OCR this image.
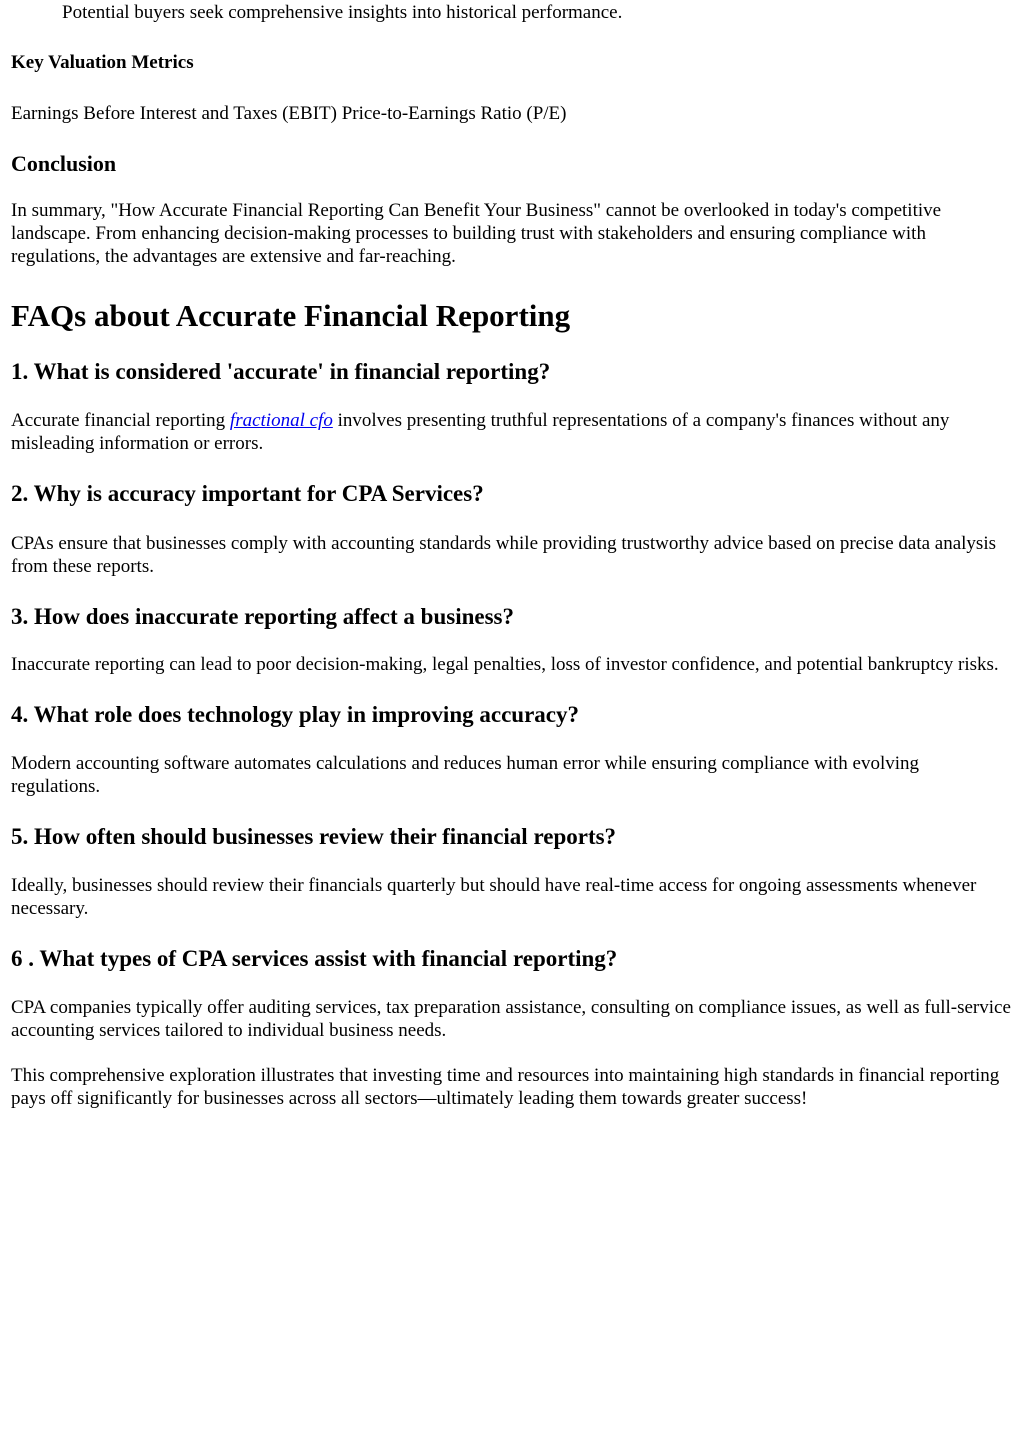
Potential buyers seek comprehensive insights into historical performance.

Key Valuation Metrics

Earnings Before Interest and Taxes (EBIT) Price-to-Earnings Ratio (P/E)

Conclusion

In summary, "How Accurate Financial Reporting Can Benefit Your Business" cannot be overlooked in today's competitive landscape. From enhancing decision-making processes to building trust with stakeholders and ensuring compliance with regulations, the advantages are extensive and far-reaching.

FAQs about Accurate Financial Reporting
1. What is considered 'accurate' in financial reporting?

Accurate financial reporting fractional cfo involves presenting truthful representations of a company's finances without any misleading information or errors.

2. Why is accuracy important for CPA Services?

CPAs ensure that businesses comply with accounting standards while providing trustworthy advice based on precise data analysis from these reports.

3. How does inaccurate reporting affect a business?

Inaccurate reporting can lead to poor decision-making, legal penalties, loss of investor confidence, and potential bankruptcy risks.

4. What role does technology play in improving accuracy?

Modern accounting software automates calculations and reduces human error while ensuring compliance with evolving regulations.

5. How often should businesses review their financial reports?

Ideally, businesses should review their financials quarterly but should have real-time access for ongoing assessments whenever necessary.

6 . What types of CPA services assist with financial reporting?

CPA companies typically offer auditing services, tax preparation assistance, consulting on compliance issues, as well as full-service accounting services tailored to individual business needs.

This comprehensive exploration illustrates that investing time and resources into maintaining high standards in financial reporting pays off significantly for businesses across all sectors—ultimately leading them towards greater success!
